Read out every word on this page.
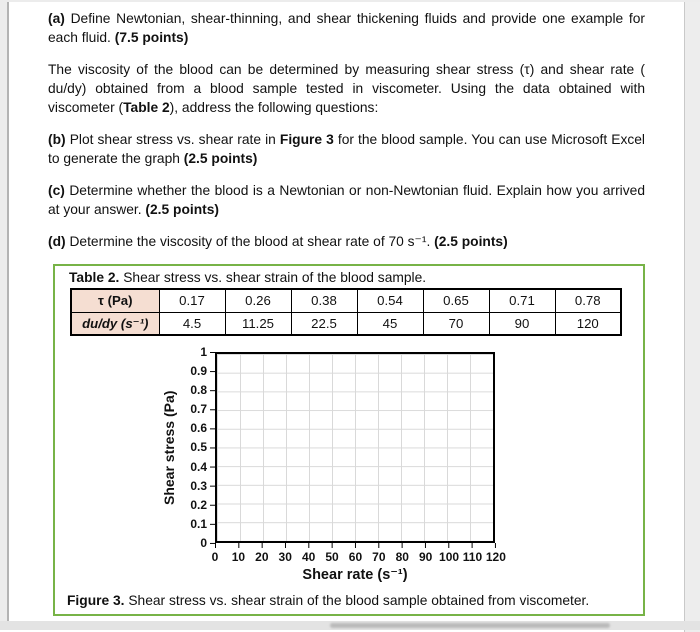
(a) Define Newtonian, shear-thinning, and shear thickening fluids and provide one example for each fluid. (7.5 points)

The viscosity of the blood can be determined by measuring shear stress (τ) and shear rate ( du/dy) obtained from a blood sample tested in viscometer. Using the data obtained with viscometer (Table 2), address the following questions:

(b) Plot shear stress vs. shear rate in Figure 3 for the blood sample. You can use Microsoft Excel to generate the graph (2.5 points)

(c) Determine whether the blood is a Newtonian or non-Newtonian fluid. Explain how you arrived at your answer. (2.5 points)

(d) Determine the viscosity of the blood at shear rate of 70 s⁻¹. (2.5 points)

Table 2. Shear stress vs. shear strain of the blood sample.
τ (Pa)	0.17	0.26	0.38	0.54	0.65	0.71	0.78
du/dy (s⁻¹)	4.5	11.25	22.5	45	70	90	120
Shear stress (Pa)
1
0.9
0.8
0.7
0.6
0.5
0.4
0.3
0.2
0.1
0
0 10 20 30 40 50 60 70 80 90 100 110 120
Shear rate (s⁻¹)
Figure 3. Shear stress vs. shear strain of the blood sample obtained from viscometer.
